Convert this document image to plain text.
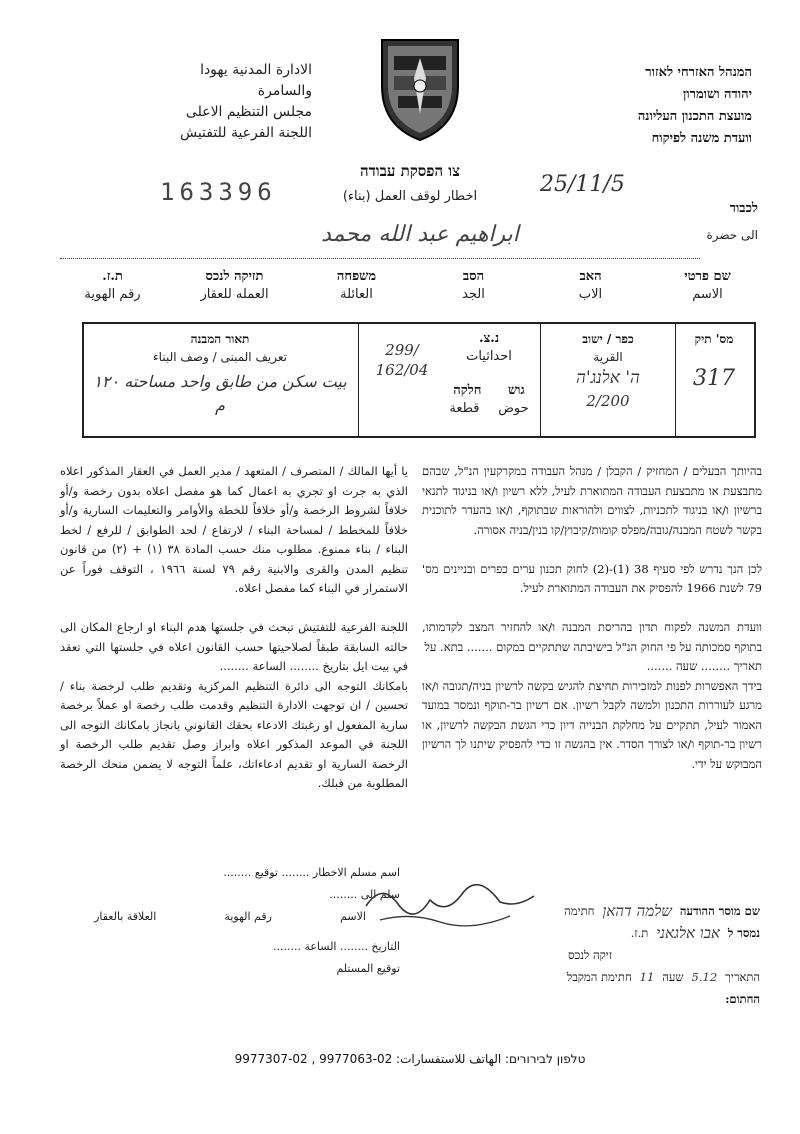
המנהל האזרחי לאזור
יהודה ושומרון
מועצת התכנון העליונה
וועדת משנה לפיקוח
الادارة المدنية يهودا
والسامرة
مجلس التنظيم الاعلى
اللجنة الفرعية للتفتيش
163396	25/11/5
צו הפסקת עבודה
اخطار لوقف العمل (بناء)
לכבוד
الى حضرة
ابراهيم عبد الله محمد
שם פרטי
الاسم
האב
الاب
הסב
الجد
משפחה
العائلة
תזיקה לנכס
العمله للعقار
ת.ז.
رقم الهوية
מס' תיק
317
כפר / ישוב
القرية
ה' אלנג'ה
2/200
נ.צ.
احداثيات
גוש
חלקה
حوض
قطعة
299/ 162/04
תאור המבנה
تعريف المبنى / وصف البناء
بيت سكن من طابق واحد مساحته ١٢٠ م
يا أيها المالك / المتصرف / المتعهد / مدير العمل في العقار المذكور اعلاه الذي به جرت او تجري به اعمال كما هو مفصل اعلاه بدون رخصة و/أو خلافاً لشروط الرخصة و/أو خلافاً للخطة والأوامر والتعليمات السارية و/أو خلافاً للمخطط / لمساحة البناء / لارتفاع / لحد الطوابق / للرفع / لخط البناء / بناء ممنوع. مطلوب منك حسب المادة ٣٨ (١) + (٢) من قانون تنظيم المدن والقرى والابنية رقم ٧٩ لسنة ١٩٦٦ ، التوقف فوراً عن الاستمرار في البناء كما مفصل اعلاه.

اللجنة الفرعية للتفتيش تبحث في جلستها هدم البناء او ارجاع المكان الى حالته السابقة طبقاً لصلاحيتها حسب القانون اعلاه في جلستها التي تعقد في بيت ايل بتاريخ ........ الساعة ........
بامكانك التوجه الى دائرة التنظيم المركزية وتقديم طلب لرخصة بناء / تحسين / ان توجهت الادارة التنظيم وقدمت طلب رخصة او عملاً برخصة سارية المفعول او رغبتك الادعاء بحقك القانوني بانجاز بامكانك التوجه الى اللجنة في الموعد المذكور اعلاه وابراز وصل تقديم طلب الرخصة او الرخصة السارية او تقديم ادعاءاتك، علماً التوجه لا يضمن منحك الرخصة المطلوبة من قبلك.
בהיותך הבעלים / המחזיק / הקבלן / מנהל העבודה במקרקעין הנ"ל, שבהם מתבצעת או מתבצעת העבודה המתוארת לעיל, ללא רשיון ו/או בניגוד לתנאי ברשיון ו/או בניגוד לתכניות, לצווים ולהוראות שבתוקף, ו/או בהעדר לתוכנית בקשר לשטח המבנה/גובה/מפלס קומות/קיבוץ/קו בנין/בניה אסורה.

לכן הנך נדרש לפי סעיף 38 (1)-(2) לחוק תכנון ערים כפרים ובניינים מס' 79 לשנת 1966 להפסיק את העבודה המתוארת לעיל.

וועדת המשנה לפקוח תדון בהריסת המבנה ו/או להחזיר המצב לקדמותו, בתוקף סמכותה על פי החוק הנ"ל בישיבתה שתתקיים במקום ....... בתא. על
תאריך ........ שעה .......
בידך האפשרות לפנות למזכירות תחיצת להגיש בקשה לרשיון בניה/תגובה ו/או מרגע לעוררות התכנון ולמשה לקבל רשיון. אם רשיון בר-תוקף ונמסר במועד האמור לעיל, תתקיים על מחלקת הבנייה דיון כדי הגשת הבקשה לרשיון, או רשיון בר-תוקף ו/או לצורך הסדר. אין בהגשה זו כדי להפסיק שיתנו לך הרשיון המבוקש על ידי.
اسم مسلم الاخطار ........ توقيع ........
سلم الى ........
الاسم
رقم الهوية
العلاقة بالعقار
التاريخ ........ الساعة ........
توقيع المستلم
שם מוסר ההודעה
שלמה דהאן
חתימה
נמסר ל
אבו אלגאני
ת.ז.
זיקה לנכס
התאריך
5.12
שעה
11
חתימת המקבל
החתום:
טלפון לבירורים: الهاتف للاستفسارات: 02-9977063 , 02-9977307
